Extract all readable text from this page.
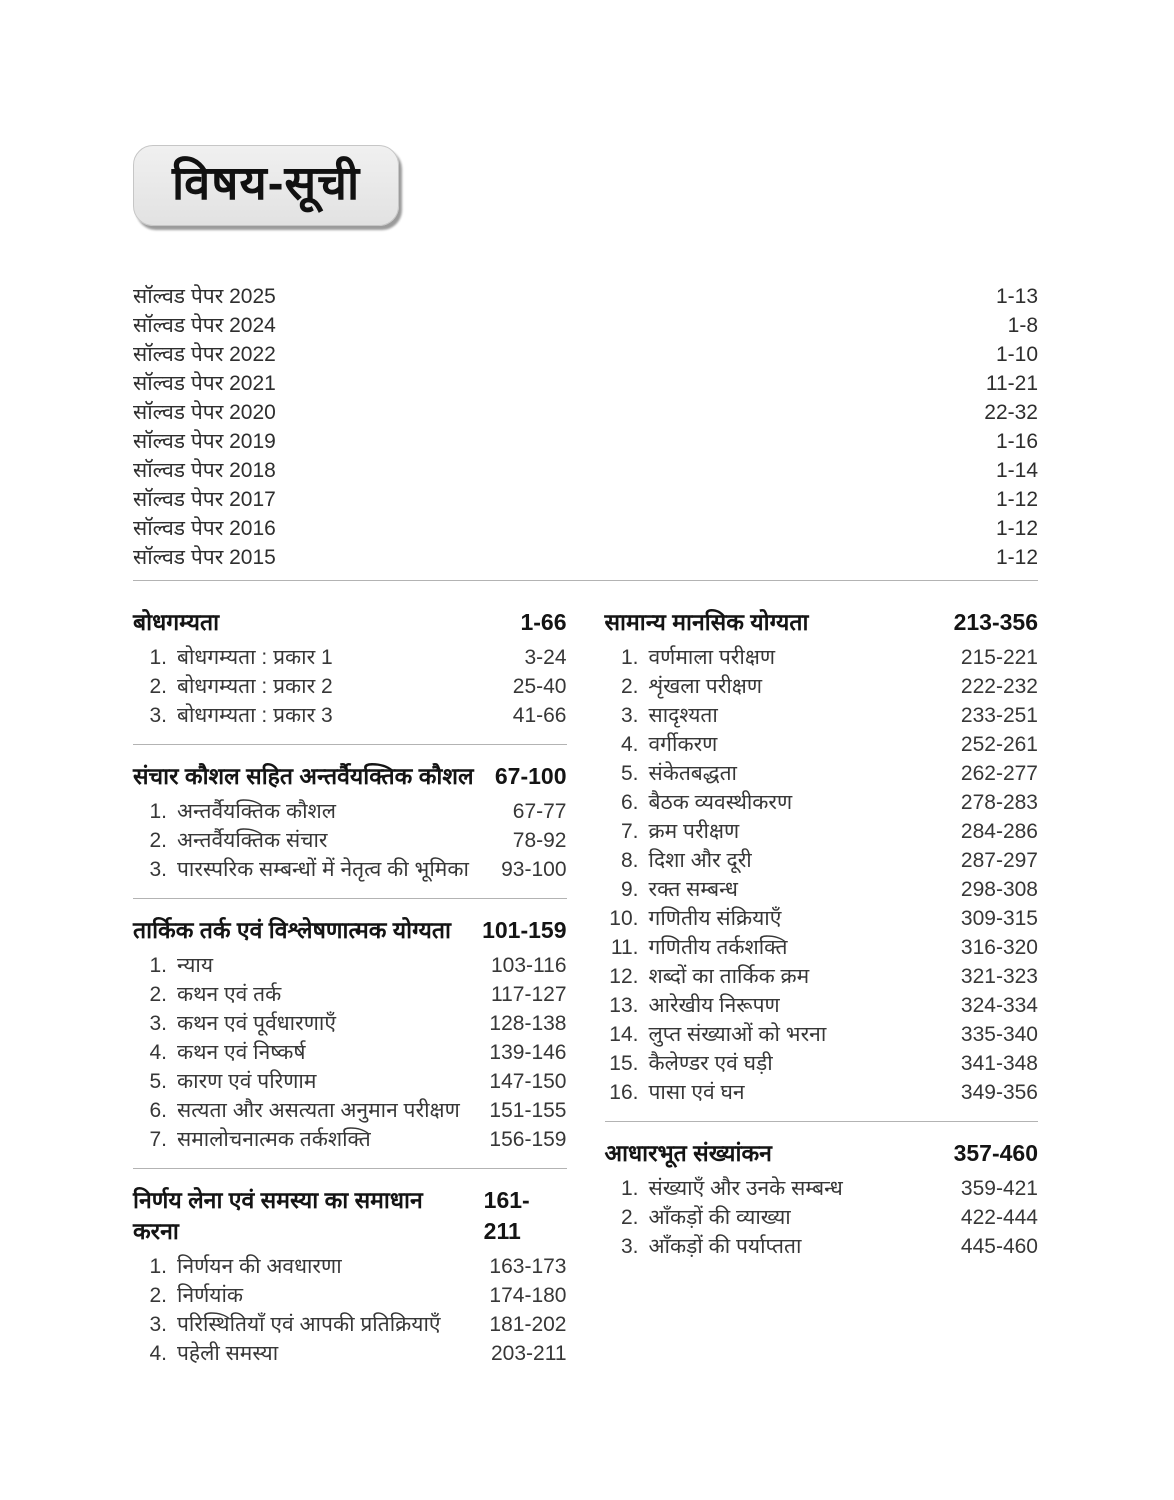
विषय-सूची
सॉल्वड पेपर 2025	1-13
सॉल्वड पेपर 2024	1-8
सॉल्वड पेपर 2022	1-10
सॉल्वड पेपर 2021	11-21
सॉल्वड पेपर 2020	22-32
सॉल्वड पेपर 2019	1-16
सॉल्वड पेपर 2018	1-14
सॉल्वड पेपर 2017	1-12
सॉल्वड पेपर 2016	1-12
सॉल्वड पेपर 2015	1-12
बोधगम्यता	1-66
1. बोधगम्यता : प्रकार 1	3-24
2. बोधगम्यता : प्रकार 2	25-40
3. बोधगम्यता : प्रकार 3	41-66
संचार कौशल सहित अन्तर्वैयक्तिक कौशल 67-100
1. अन्तर्वैयक्तिक कौशल	67-77
2. अन्तर्वैयक्तिक संचार	78-92
3. पारस्परिक सम्बन्धों में नेतृत्व की भूमिका	93-100
तार्किक तर्क एवं विश्लेषणात्मक योग्यता 101-159
1. न्याय	103-116
2. कथन एवं तर्क	117-127
3. कथन एवं पूर्वधारणाएँ	128-138
4. कथन एवं निष्कर्ष	139-146
5. कारण एवं परिणाम	147-150
6. सत्यता और असत्यता अनुमान परीक्षण	151-155
7. समालोचनात्मक तर्कशक्ति	156-159
निर्णय लेना एवं समस्या का समाधान करना
161-211
1. निर्णयन की अवधारणा	163-173
2. निर्णयांक	174-180
3. परिस्थितियाँ एवं आपकी प्रतिक्रियाएँ	181-202
4. पहेली समस्या	203-211
सामान्य मानसिक योग्यता	213-356
1. वर्णमाला परीक्षण	215-221
2. शृंखला परीक्षण	222-232
3. सादृश्यता	233-251
4. वर्गीकरण	252-261
5. संकेतबद्धता	262-277
6. बैठक व्यवस्थीकरण	278-283
7. क्रम परीक्षण	284-286
8. दिशा और दूरी	287-297
9. रक्त सम्बन्ध	298-308
10. गणितीय संक्रियाएँ	309-315
11. गणितीय तर्कशक्ति	316-320
12. शब्दों का तार्किक क्रम	321-323
13. आरेखीय निरूपण	324-334
14. लुप्त संख्याओं को भरना	335-340
15. कैलेण्डर एवं घड़ी	341-348
16. पासा एवं घन	349-356
आधारभूत संख्यांकन	357-460
1. संख्याएँ और उनके सम्बन्ध	359-421
2. आँकड़ों की व्याख्या	422-444
3. आँकड़ों की पर्याप्तता	445-460
